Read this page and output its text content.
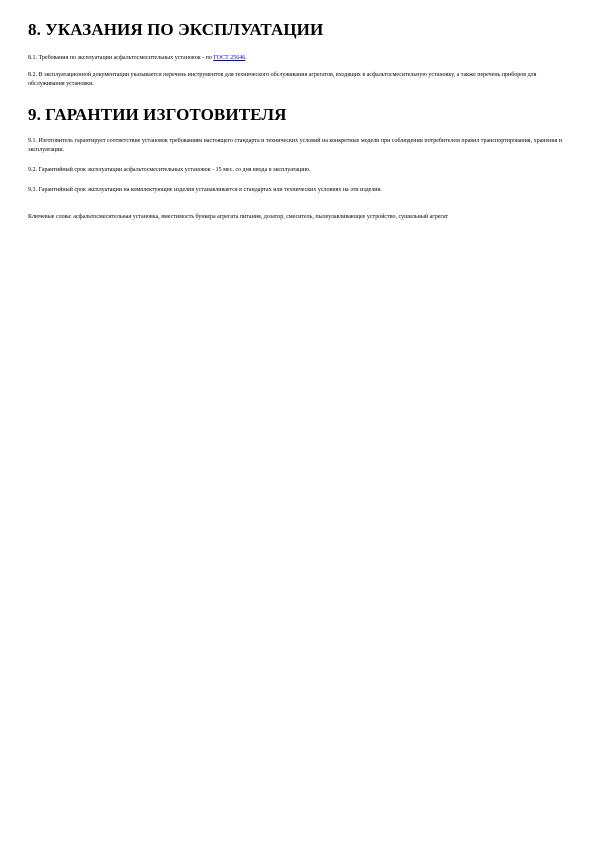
8. УКАЗАНИЯ ПО ЭКСПЛУАТАЦИИ

8.1. Требования по эксплуатации асфальтосмесительных установок - по ГОСТ 25646.

8.2. В эксплуатационной документации указывается перечень инструментов для технического обслуживания агрегатов, входящих в асфальтосмесительную установку, а также перечень приборов для обслуживания установки.

9. ГАРАНТИИ ИЗГОТОВИТЕЛЯ

9.1. Изготовитель гарантирует соответствие установок требованиям настоящего стандарта и технических условий на конкретные модели при соблюдении потребителем правил транспортирования, хранения и эксплуатации.

9.2. Гарантийный срок эксплуатации асфальтосмесительных установок - 15 мес. со дня ввода в эксплуатацию.

9.3. Гарантийный срок эксплуатации на комплектующие изделия устанавливается в стандартах или технических условиях на эти изделия.

Ключевые слова: асфальтосмесительная установка, вместимость бункера агрегата питания, дозатор, смеситель, пылеулавливающее устройство, сушильный агрегат
